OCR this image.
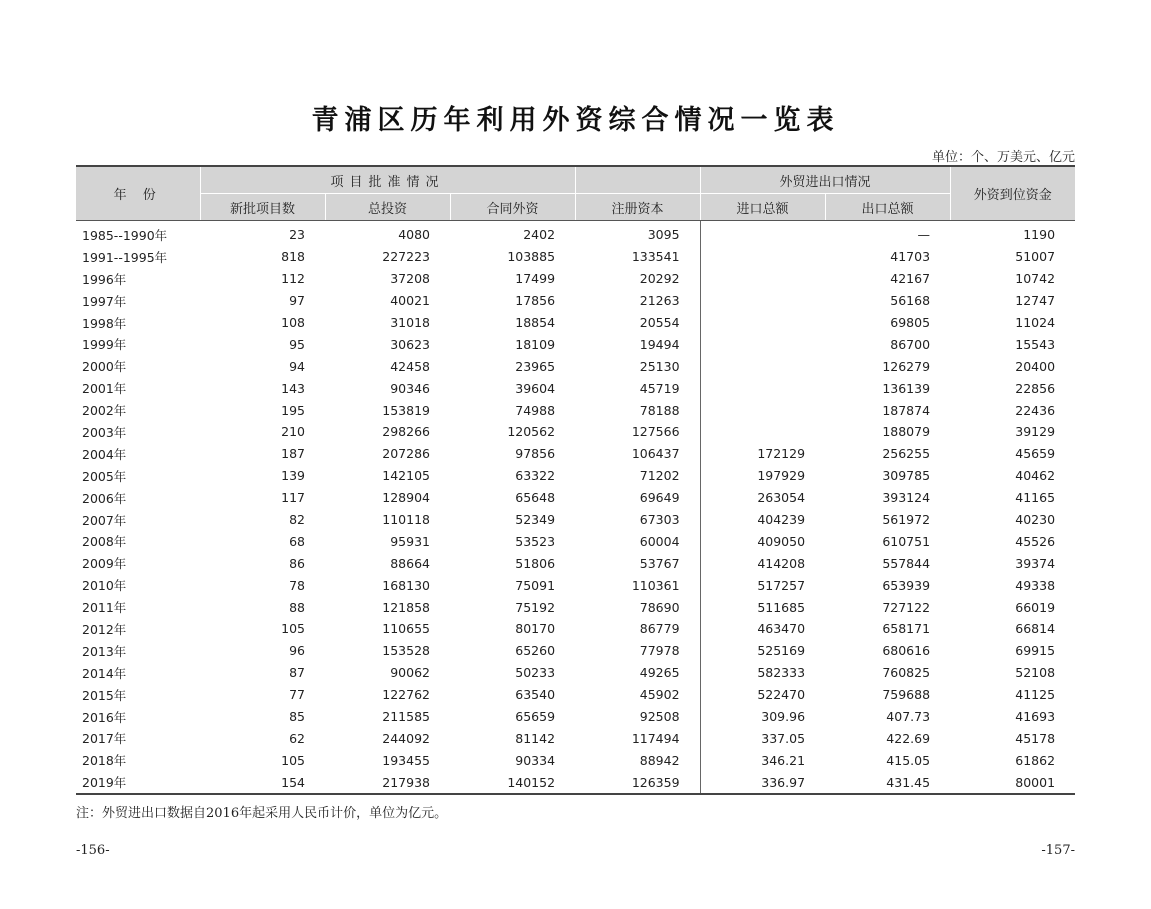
青浦区历年利用外资综合情况一览表
单位：个、万美元、亿元
年 份	项目批准情况				外贸进出口情况		外资到位资金
	新批项目数	总投资	合同外资	注册资本	进口总额	出口总额	
1985--1990年	23	4080	2402	3095		—	1190
1991--1995年	818	227223	103885	133541		41703	51007
1996年	112	37208	17499	20292		42167	10742
1997年	97	40021	17856	21263		56168	12747
1998年	108	31018	18854	20554		69805	11024
1999年	95	30623	18109	19494		86700	15543
2000年	94	42458	23965	25130		126279	20400
2001年	143	90346	39604	45719		136139	22856
2002年	195	153819	74988	78188		187874	22436
2003年	210	298266	120562	127566		188079	39129
2004年	187	207286	97856	106437	172129	256255	45659
2005年	139	142105	63322	71202	197929	309785	40462
2006年	117	128904	65648	69649	263054	393124	41165
2007年	82	110118	52349	67303	404239	561972	40230
2008年	68	95931	53523	60004	409050	610751	45526
2009年	86	88664	51806	53767	414208	557844	39374
2010年	78	168130	75091	110361	517257	653939	49338
2011年	88	121858	75192	78690	511685	727122	66019
2012年	105	110655	80170	86779	463470	658171	66814
2013年	96	153528	65260	77978	525169	680616	69915
2014年	87	90062	50233	49265	582333	760825	52108
2015年	77	122762	63540	45902	522470	759688	41125
2016年	85	211585	65659	92508	309.96	407.73	41693
2017年	62	244092	81142	117494	337.05	422.69	45178
2018年	105	193455	90334	88942	346.21	415.05	61862
2019年	154	217938	140152	126359	336.97	431.45	80001
注：外贸进出口数据自2016年起采用人民币计价，单位为亿元。
-156-	-157-
